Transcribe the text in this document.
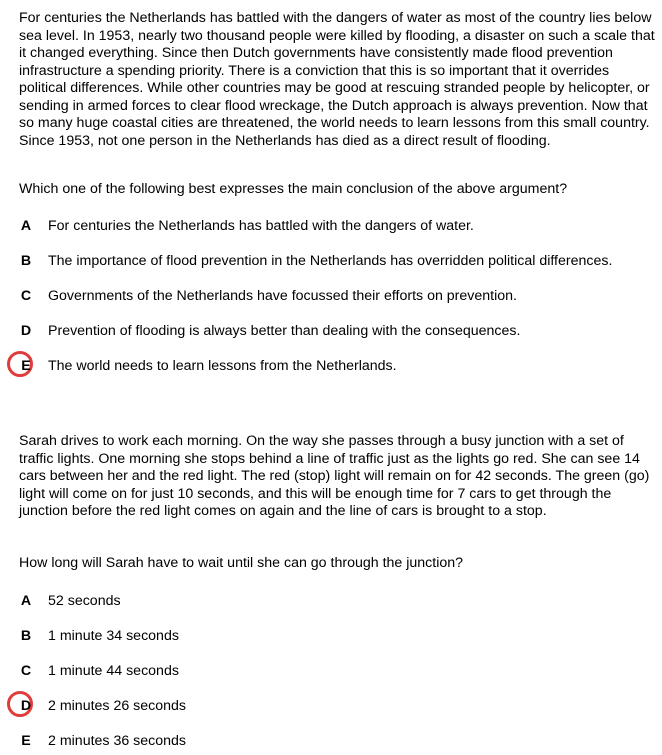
For centuries the Netherlands has battled with the dangers of water as most of the country lies below sea level. In 1953, nearly two thousand people were killed by flooding, a disaster on such a scale that it changed everything. Since then Dutch governments have consistently made flood prevention infrastructure a spending priority. There is a conviction that this is so important that it overrides political differences. While other countries may be good at rescuing stranded people by helicopter, or sending in armed forces to clear flood wreckage, the Dutch approach is always prevention. Now that so many huge coastal cities are threatened, the world needs to learn lessons from this small country. Since 1953, not one person in the Netherlands has died as a direct result of flooding.

Which one of the following best expresses the main conclusion of the above argument?

A For centuries the Netherlands has battled with the dangers of water.
B The importance of flood prevention in the Netherlands has overridden political differences.
C Governments of the Netherlands have focussed their efforts on prevention.
D Prevention of flooding is always better than dealing with the consequences.
E The world needs to learn lessons from the Netherlands.

Sarah drives to work each morning. On the way she passes through a busy junction with a set of traffic lights. One morning she stops behind a line of traffic just as the lights go red. She can see 14 cars between her and the red light. The red (stop) light will remain on for 42 seconds. The green (go) light will come on for just 10 seconds, and this will be enough time for 7 cars to get through the junction before the red light comes on again and the line of cars is brought to a stop.

How long will Sarah have to wait until she can go through the junction?

A 52 seconds
B 1 minute 34 seconds
C 1 minute 44 seconds
D 2 minutes 26 seconds
E 2 minutes 36 seconds
